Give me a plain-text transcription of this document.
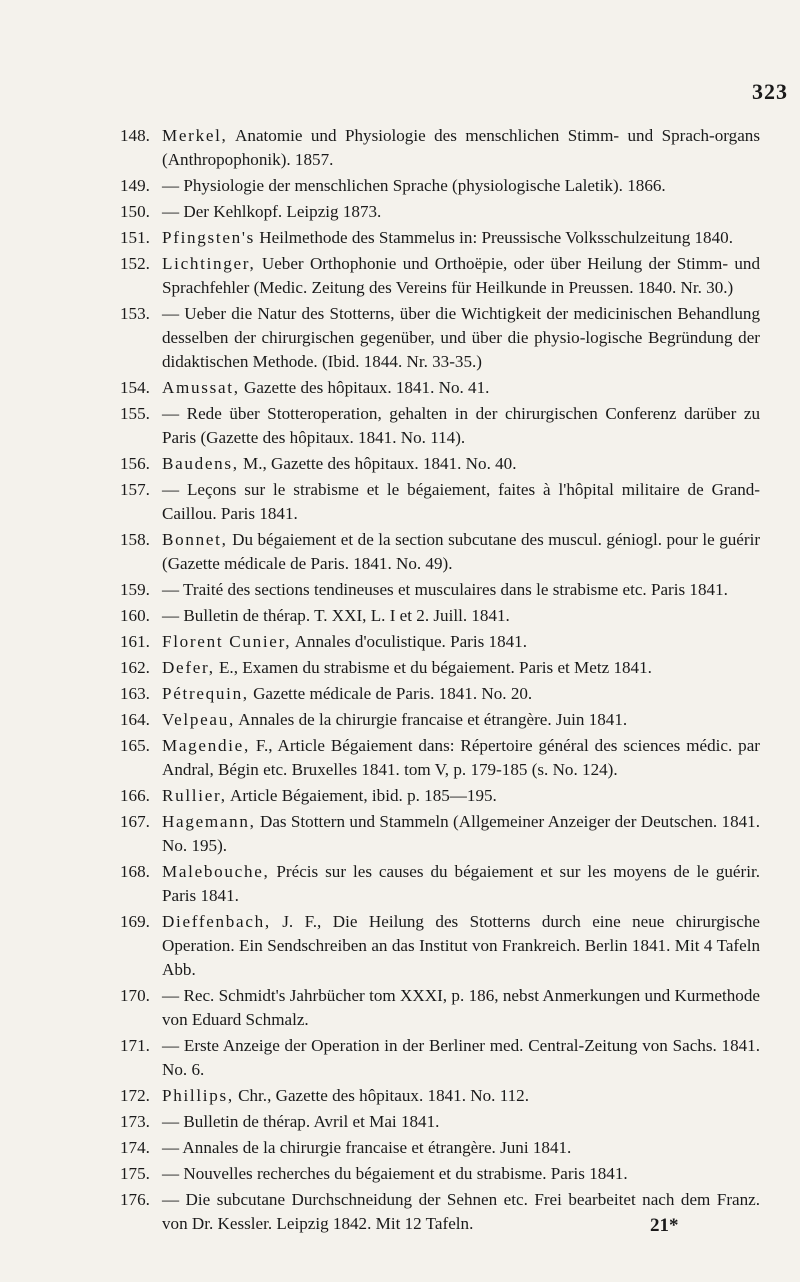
323
148. Merkel, Anatomie und Physiologie des menschlichen Stimm- und Sprach-organs (Anthropophonik). 1857.
149. — Physiologie der menschlichen Sprache (physiologische Laletik). 1866.
150. — Der Kehlkopf. Leipzig 1873.
151. Pfingsten's Heilmethode des Stammelus in: Preussische Volksschulzeitung 1840.
152. Lichtinger, Ueber Orthophonie und Orthoëpie, oder über Heilung der Stimm- und Sprachfehler (Medic. Zeitung des Vereins für Heilkunde in Preussen. 1840. Nr. 30.)
153. — Ueber die Natur des Stotterns, über die Wichtigkeit der medicinischen Behandlung desselben der chirurgischen gegenüber, und über die physio-logische Begründung der didaktischen Methode. (Ibid. 1844. Nr. 33-35.)
154. Amussat, Gazette des hôpitaux. 1841. No. 41.
155. — Rede über Stotteroperation, gehalten in der chirurgischen Conferenz darüber zu Paris (Gazette des hôpitaux. 1841. No. 114).
156. Baudens, M., Gazette des hôpitaux. 1841. No. 40.
157. — Leçons sur le strabisme et le bégaiement, faites à l'hôpital militaire de Grand-Caillou. Paris 1841.
158. Bonnet, Du bégaiement et de la section subcutane des muscul. géniogl. pour le guérir (Gazette médicale de Paris. 1841. No. 49).
159. — Traité des sections tendineuses et musculaires dans le strabisme etc. Paris 1841.
160. — Bulletin de thérap. T. XXI, L. I et 2. Juill. 1841.
161. Florent Cunier, Annales d'oculistique. Paris 1841.
162. Defer, E., Examen du strabisme et du bégaiement. Paris et Metz 1841.
163. Pétrequin, Gazette médicale de Paris. 1841. No. 20.
164. Velpeau, Annales de la chirurgie francaise et étrangère. Juin 1841.
165. Magendie, F., Article Bégaiement dans: Répertoire général des sciences médic. par Andral, Bégin etc. Bruxelles 1841. tom V, p. 179-185 (s. No. 124).
166. Rullier, Article Bégaiement, ibid. p. 185—195.
167. Hagemann, Das Stottern und Stammeln (Allgemeiner Anzeiger der Deutschen. 1841. No. 195).
168. Malebouche, Précis sur les causes du bégaiement et sur les moyens de le guérir. Paris 1841.
169. Dieffenbach, J. F., Die Heilung des Stotterns durch eine neue chirurgische Operation. Ein Sendschreiben an das Institut von Frankreich. Berlin 1841. Mit 4 Tafeln Abb.
170. — Rec. Schmidt's Jahrbücher tom XXXI, p. 186, nebst Anmerkungen und Kurmethode von Eduard Schmalz.
171. — Erste Anzeige der Operation in der Berliner med. Central-Zeitung von Sachs. 1841. No. 6.
172. Phillips, Chr., Gazette des hôpitaux. 1841. No. 112.
173. — Bulletin de thérap. Avril et Mai 1841.
174. — Annales de la chirurgie francaise et étrangère. Juni 1841.
175. — Nouvelles recherches du bégaiement et du strabisme. Paris 1841.
176. — Die subcutane Durchschneidung der Sehnen etc. Frei bearbeitet nach dem Franz. von Dr. Kessler. Leipzig 1842. Mit 12 Tafeln.	21*
